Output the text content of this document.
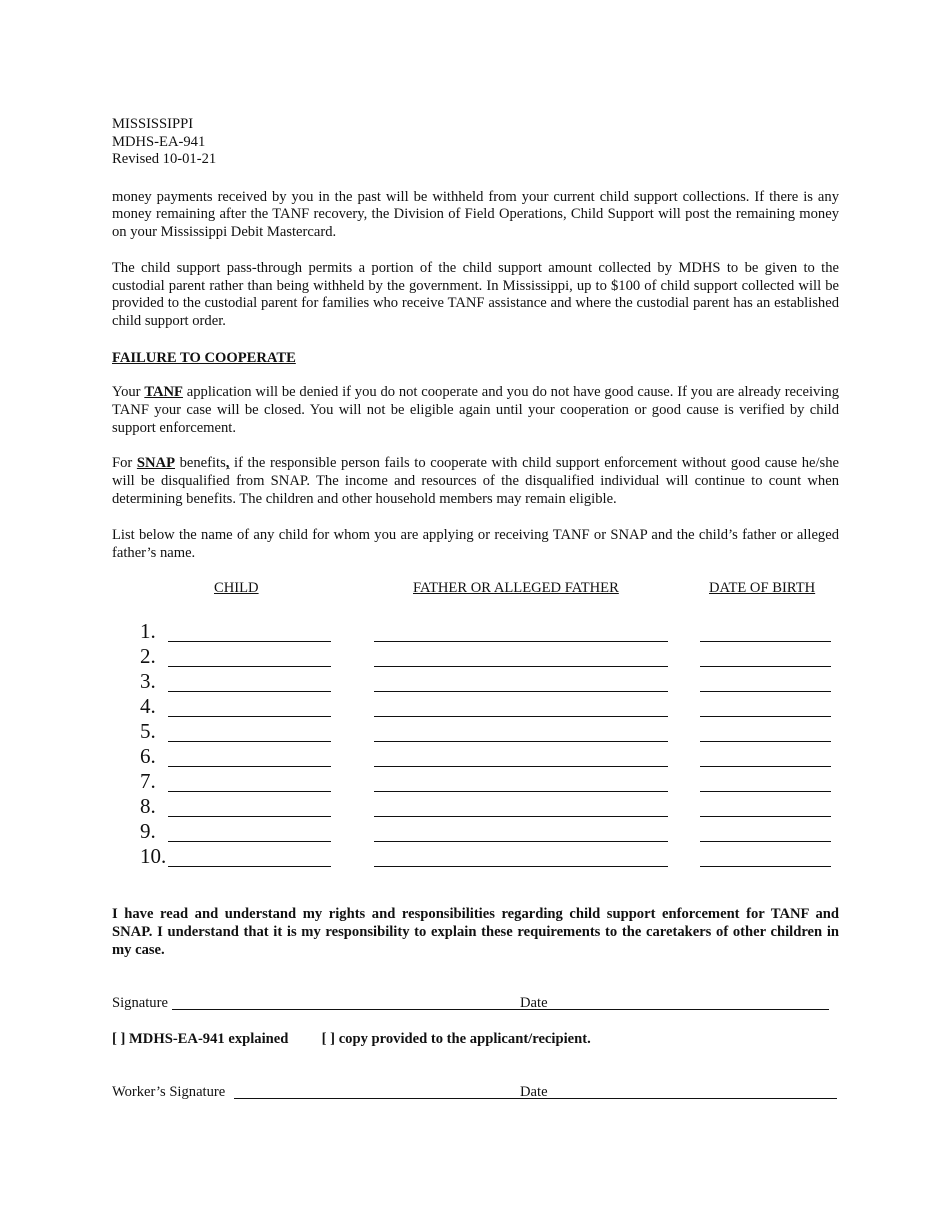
MISSISSIPPI

MDHS-EA-941

Revised 10-01-21

money payments received by you in the past will be withheld from your current child support collections. If there is any money remaining after the TANF recovery, the Division of Field Operations, Child Support will post the remaining money on your Mississippi Debit Mastercard.

The child support pass-through permits a portion of the child support amount collected by MDHS to be given to the custodial parent rather than being withheld by the government. In Mississippi, up to $100 of child support collected will be provided to the custodial parent for families who receive TANF assistance and where the custodial parent has an established child support order.

FAILURE TO COOPERATE

Your TANF application will be denied if you do not cooperate and you do not have good cause. If you are already receiving TANF your case will be closed. You will not be eligible again until your cooperation or good cause is verified by child support enforcement.

For SNAP benefits, if the responsible person fails to cooperate with child support enforcement without good cause he/she will be disqualified from SNAP. The income and resources of the disqualified individual will continue to count when determining benefits. The children and other household members may remain eligible.

List below the name of any child for whom you are applying or receiving TANF or SNAP and the child’s father or alleged father’s name.

CHILD	FATHER OR ALLEGED FATHER	DATE OF BIRTH
1.
2.
3.
4.
5.
6.
7.
8.
9.
10.

I have read and understand my rights and responsibilities regarding child support enforcement for TANF and SNAP. I understand that it is my responsibility to explain these requirements to the caretakers of other children in my case.

Signature	Date
[ ] MDHS-EA-941 explained [ ] copy provided to the applicant/recipient.
Worker’s Signature	Date
